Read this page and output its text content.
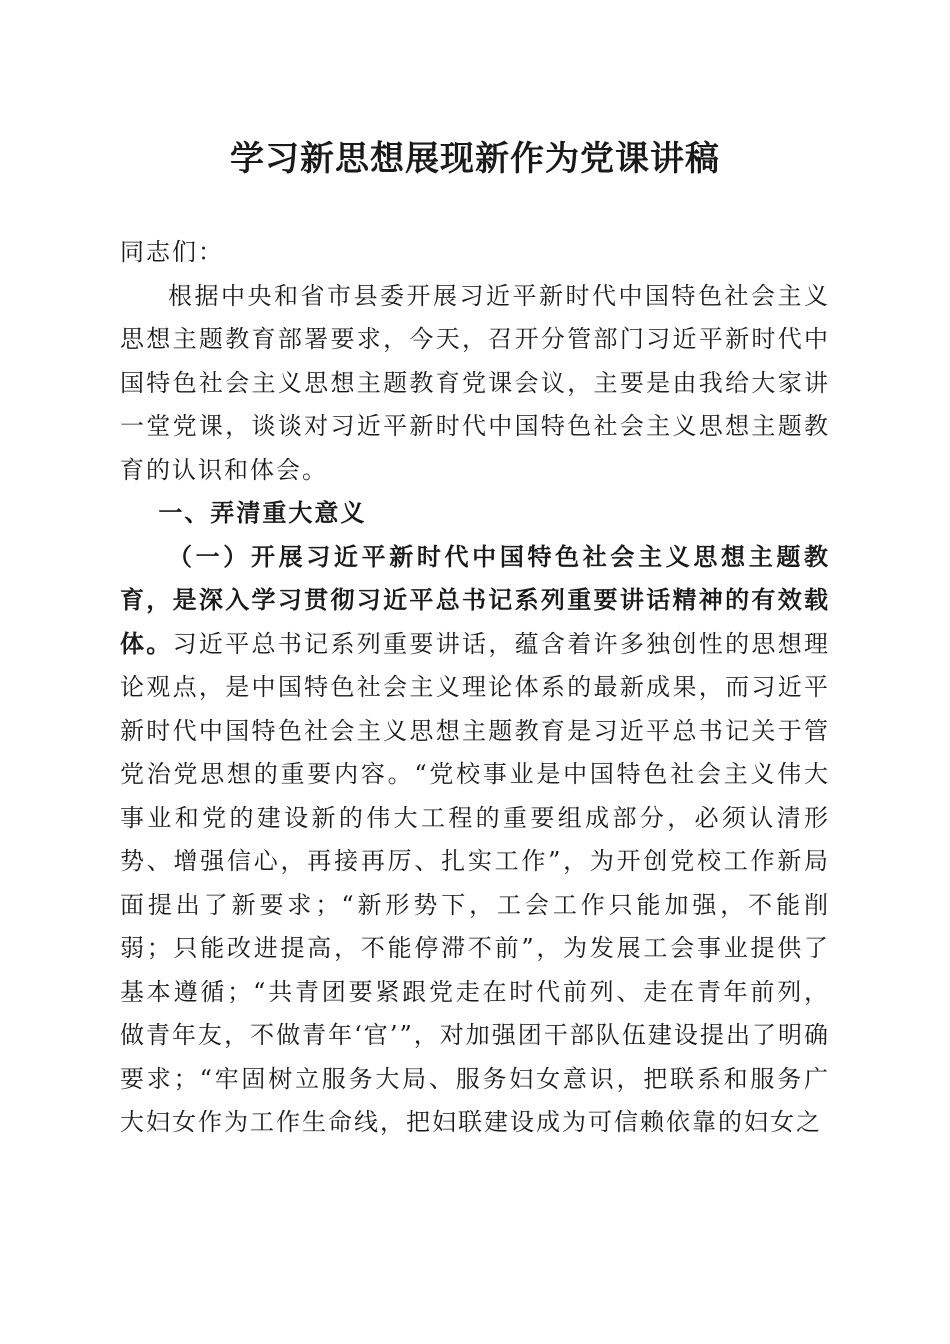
学习新思想展现新作为党课讲稿

同志们：

根据中央和省市县委开展习近平新时代中国特色社会主义思想主题教育部署要求，今天，召开分管部门习近平新时代中国特色社会主义思想主题教育党课会议，主要是由我给大家讲一堂党课，谈谈对习近平新时代中国特色社会主义思想主题教育的认识和体会。

一、弄清重大意义

（一）开展习近平新时代中国特色社会主义思想主题教育，是深入学习贯彻习近平总书记系列重要讲话精神的有效载体。习近平总书记系列重要讲话，蕴含着许多独创性的思想理论观点，是中国特色社会主义理论体系的最新成果，而习近平新时代中国特色社会主义思想主题教育是习近平总书记关于管党治党思想的重要内容。“党校事业是中国特色社会主义伟大事业和党的建设新的伟大工程的重要组成部分，必须认清形势、增强信心，再接再厉、扎实工作”，为开创党校工作新局面提出了新要求；“新形势下，工会工作只能加强，不能削弱；只能改进提高，不能停滞不前”，为发展工会事业提供了基本遵循；“共青团要紧跟党走在时代前列、走在青年前列，做青年友，不做青年‘官’”，对加强团干部队伍建设提出了明确要求；“牢固树立服务大局、服务妇女意识，把联系和服务广大妇女作为工作生命线，把妇联建设成为可信赖依靠的妇女之
